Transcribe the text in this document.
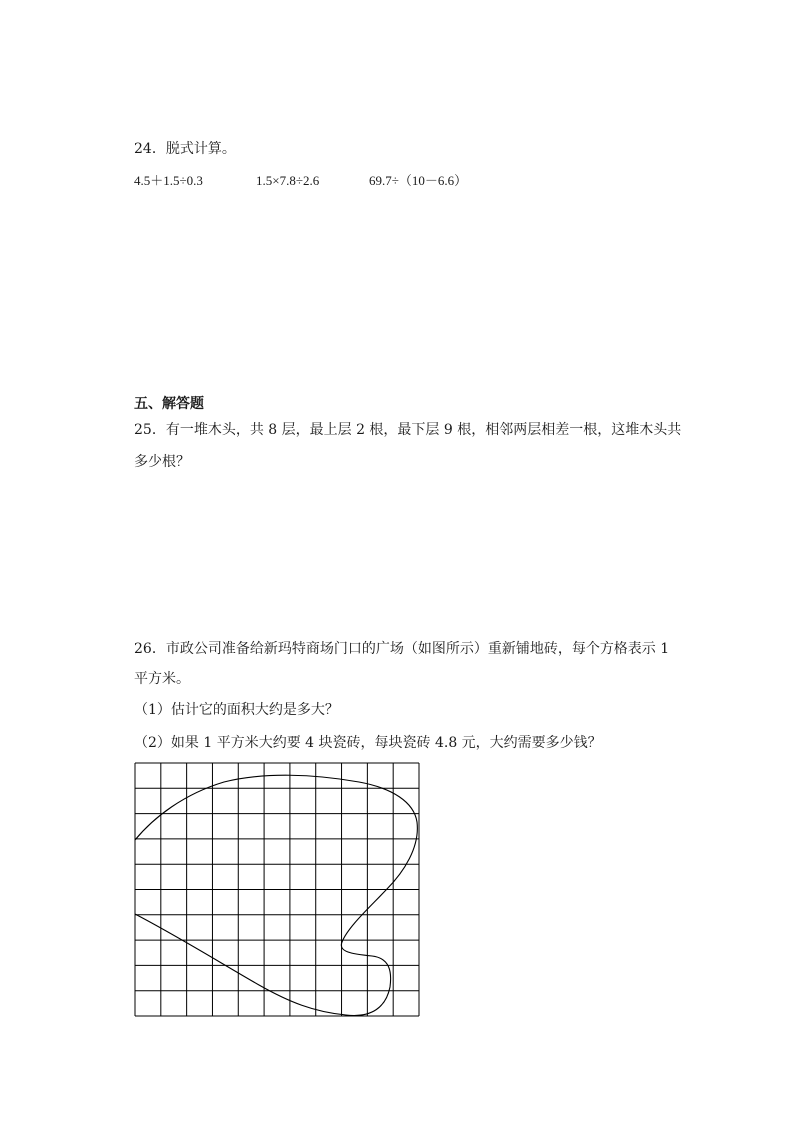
24．脱式计算。
4.5＋1.5÷0.3	1.5×7.8÷2.6	69.7÷（10－6.6）
五、解答题
25．有一堆木头，共 8 层，最上层 2 根，最下层 9 根，相邻两层相差一根，这堆木头共
多少根？
26．市政公司准备给新玛特商场门口的广场（如图所示）重新铺地砖，每个方格表示 1
平方米。
（1）估计它的面积大约是多大？
（2）如果 1 平方米大约要 4 块瓷砖，每块瓷砖 4.8 元，大约需要多少钱？
